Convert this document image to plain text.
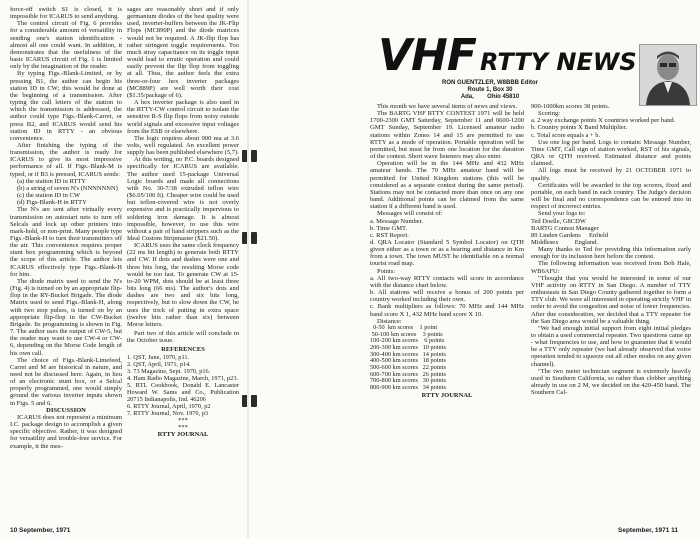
force-off switch S1 is closed, it is impossible for ICARUS to send anything.

The control circuit of Fig. 6 provides for a considerable amount of versatility in sending one's station identification - almost all one could want. In addition, it demonstrates that the usefulness of the basic ICARUS circuit of Fig. 1 is limited only by the imagination of the reader.

By typing Figs.-Blank-Limited, or by pressing B1, the author can begin his station ID in CW; this would be done at the beginning of a transmission. After typing the call letters of the station to which the transmission is addressed, the author could type Figs.-Blank-Carret, or press B2, and ICARUS would send his station ID in RTTY - an obvious convenience.

After finishing the typing of the transmission, the author is ready for ICARUS to give its most impressive performance of all. If Figs.-Blank-M is typed, or if B3 is pressed, ICARUS sends:

(a) the station ID in RTTY

(b) a string of seven N's (NNNNNNN)

(c) the station ID in CW

(d) Figs-Blank-H in RTTY

The N's are sent after virtually every transmission on autostart nets to turn off Selcals and lock up other printers into mark-hold, or non-print. Many people type Figs.-Blank-H to turn their transmitters off the air. This convenience requires proper stunt box programming which is beyond the scope of this article. The author lets ICARUS effectively type Figs.-Blank-H for him.

The diode matrix used to send the N's (Fig. 4) is turned on by an appropriate flip-flop in the RY-Bucket Brigade. The diode Matrix used to send Figs.-Blank-H, along with two stop pulses, is turned on by an appropriate flip-flop in the CW-Bucket Brigade. Its programming is shown in Fig. 7. The author uses the output of CW-5, but the reader may want to use CW-4 or CW-6, depending on the Morse Code length of his own call.

The choice of Figs.-Blank-Limefeed, Carret and M are historical in nature, and need not be discussed here. Again, in lieu of an electronic stunt box, or a Selcal properly programmed, one would simply ground the various inverter inputs shown in Figs. 5 and 6.

DISCUSSION

ICARUS does not represent a minimum I.C. package design to accomplish a given specific objective. Rather, it was designed for versatility and trouble-free service. For example, it the mes-

sages are reasonably short and if only germanium diodes of the best quality were used, inverter-buffers between the JK-Flip Flops (MC890P) and the diode matrices would not be required. A JK-flip flop has rather stringent toggle requirements. Too much stray capacitance on its toggle input would lead to erratic operation and could easily prevent the flip flop from toggling at all. Thus, the author feels the extra three-or-four hex inverter packages (MC889P) are well worth their cost ($1.35/package of 6).

A hex inverter package is also used in the RTTY-CW control circuit to isolate the sensitive R-S flip flops from noisy outside world signals and excessive input voltages from the ESB or elsewhere.

The logic requires about 900 ma at 3.6 volts, well regulated. An excellent power supply has been published elsewhere (5,7).

At this writing, no P.C. boards designed specifically for ICARUS are available. The author used 15-package Universal Logic boards and made all connections with No. 30-7/38 extruded teflon wire ($6.05/100 ft). Cheaper wire could be used but teflon-covered wire is not overly expensive and is practically impervious to soldering iron damage. It is almost impossible, however, to use this wire without a pair of hand strippers such as the Ideal Custom Stripmaster ($21.50).

ICARUS uses the same clock frequency (22 ms bit length) to generate both RTTY and CW. If dots and dashes were one and three bits long, the resulting Morse code would be too fast. To generate CW at 15-to-20 WPM, dots should be at least three bits long (66 ms). The author's dots and dashes are two and six bits long, respectively, but to slow down the CW, he uses the trick of putting in extra space (twelve bits rather than six) between Morse letters.

Part two of this article will conclude in the October issue.

REFERENCES

1. QST, June, 1970, p11.
2. QST, April, 1971, p14.
3. 73 Magazine, Sept. 1970, p16.
4. Ham Radio Magazine, March, 1971, p23.
5. RTL Cookbook, Donald E. Lancaster Howard W. Sams and Co., Publication 20715 Indianapolis, Ind. 46206
6. RTTY Journal, April, 1970, p2
7. RTTY Journal, Nov. 1970, p3

***

***

RTTY JOURNAL

10 September, 1971
VHF RTTY NEWS
RON GUENTZLER, W8BBB Editor
Route 1, Box 30
Ada,        Ohio 45810

This month we have several items of news and views.

The BARTG VHF RTTY CONTEST 1971 will be held 1700-2300 GMT Saturday, September 11 and 0600-1200 GMT Sunday, September 19. Licensed amateur radio stations within Zones 14 and 15 are permitted to use RTTY as a mode of operation. Portable operation will be permitted, but must be from one location for the duration of the contest. Short wave listeners may also enter.

Operation will be in the 144 MHz and 432 MHz amateur bands. The 70 MHz amateur band will be permitted for United Kingdom stations (this will be considered as a separate contest during the same period). Stations may not be contacted more than once on any one band. Additional points can be claimed from the same station if a different band is used.

Messages will consist of:

a. Message Number.

b. Time GMT.

c. RST Report.

d. QRA Locator (Standard 5 Symbol Locator) on QTH given either as a town or as a bearing and distance in Km from a town. The town MUST be identifiable on a normal tourist road map.

Points:

a. All two-way RTTY contacts will score in accordance with the distance chart below.

b. All stations will receive a bonus of 200 points per country worked including their own.

c. Bank multipliers as follows: 70 MHz and 144 MHz band score X 1, 432 MHz band score X 10.

Distance:

0-50  km scores    1 point
50-100 km scores    3 points
100-200 km scores    6 points
200-300 km scores   10 points
300-400 km scores   14 points
400-500 km scores   18 points
500-600 km scores   22 points
600-700 km scores   26 points
700-800 km scores   30 points
800-900 km scores   34 points

RTTY JOURNAL

900-1000km scores 38 points.

Scoring:

a. 2 way exchange points X countries worked per band.

b. Country points X Band Multiplier.

c. Total score equals a + b.

Use one log per band. Logs to contain: Message Number, Time GMT, Call sign of station worked, RST of his signals, QRA or QTH received. Estimated distance and points claimed.

All logs must be received by 21 OCTOBER 1971 to qualify.

Certificates will be awarded to the top scorers, fixed and portable, on each band in each country. The Judge's decision will be final and no correspondence can be entered into in respect of incorrect entries.

Send your logs to:

Ted Doelle, G8CDW

BARTG Contest Manager

89 Linden Gardens     Enfield

Middlesex          England.

Many thanks to Ted for providing this information early enough for its inclusion here before the contest.

The following information was received from Bob Hale, WB6AFU:

"Thought that you would be interested in some of our VHF activity on RTTY in San Diego. A number of TTY enthusiasts in San Diego County gathered together to form a TTY club. We were all interested in operating strictly VHF in order to avoid the congestion and noise of lower frequencies. After due consideration, we decided that a TTY repeater for the San Diego area would be a valuable thing.

"We had enough initial support from eight initial pledges to obtain a used commercial repeater. Two questions came up - what frequencies to use, and how to guarantee that it would be a TTY only repeater (we had already observed that voice operation tended to squeeze out all other modes on any given channel).

"The two meter technician segment is extremely heavily used in Southern California, so rather than clobber anything already in use on 2 M, we decided on the 420-450 band. The Southern Cal-

September, 1971 11
